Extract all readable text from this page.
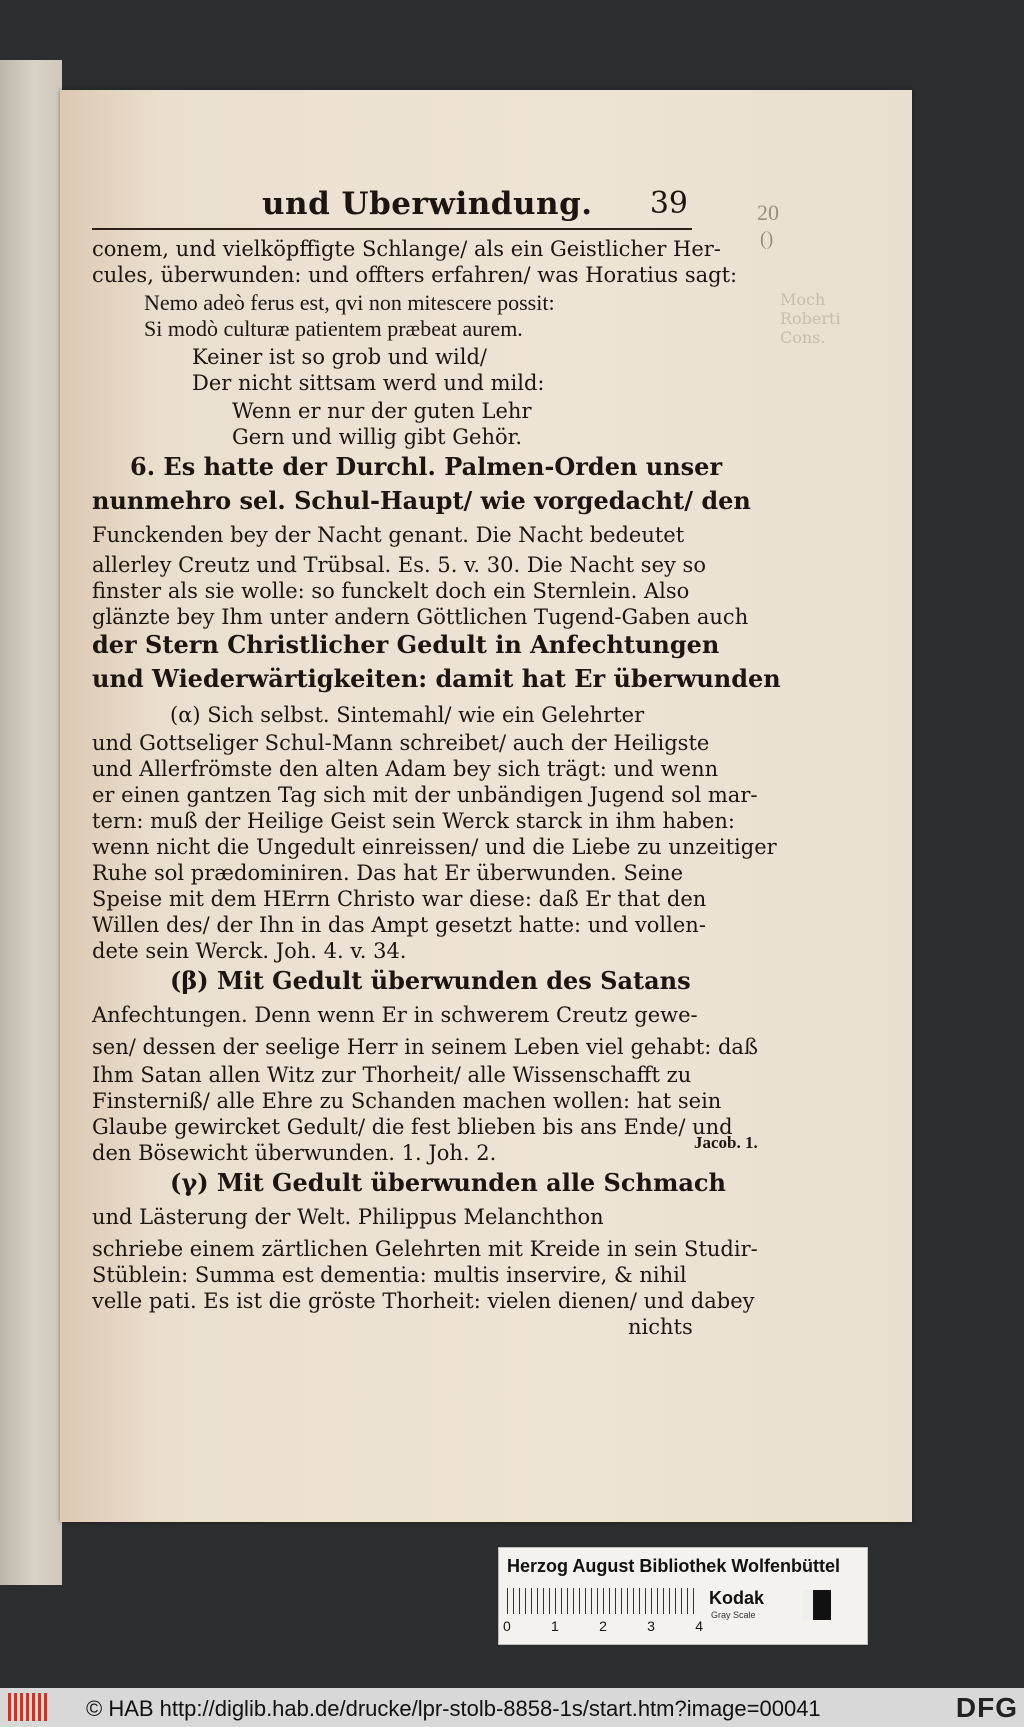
20
()
Moch
Roberti
Cons.
und Uberwindung. 39
conem, und vielköpffigte Schlange/ als ein Geistlicher Her-
cules, überwunden: und offters erfahren/ was Horatius sagt:
Nemo adeò ferus est, qvi non mitescere possit:
Si modò culturæ patientem præbeat aurem.
Keiner ist so grob und wild/
Der nicht sittsam werd und mild:
Wenn er nur der guten Lehr
Gern und willig gibt Gehör.
6. Es hatte der Durchl. Palmen-Orden unser
nunmehro sel. Schul-Haupt/ wie vorgedacht/ den
Funckenden bey der Nacht genant. Die Nacht bedeutet
allerley Creutz und Trübsal. Es. 5. v. 30. Die Nacht sey so
finster als sie wolle: so funckelt doch ein Sternlein. Also
glänzte bey Ihm unter andern Göttlichen Tugend-Gaben auch
der Stern Christlicher Gedult in Anfechtungen
und Wiederwärtigkeiten: damit hat Er überwunden
(α) Sich selbst. Sintemahl/ wie ein Gelehrter
und Gottseliger Schul-Mann schreibet/ auch der Heiligste
und Allerfrömste den alten Adam bey sich trägt: und wenn
er einen gantzen Tag sich mit der unbändigen Jugend sol mar-
tern: muß der Heilige Geist sein Werck starck in ihm haben:
wenn nicht die Ungedult einreissen/ und die Liebe zu unzeitiger
Ruhe sol prædominiren. Das hat Er überwunden. Seine
Speise mit dem HErrn Christo war diese: daß Er that den
Willen des/ der Ihn in das Ampt gesetzt hatte: und vollen-
dete sein Werck. Joh. 4. v. 34.
(β) Mit Gedult überwunden des Satans
Anfechtungen. Denn wenn Er in schwerem Creutz gewe-
sen/ dessen der seelige Herr in seinem Leben viel gehabt: daß
Ihm Satan allen Witz zur Thorheit/ alle Wissenschafft zu
Finsterniß/ alle Ehre zu Schanden machen wollen: hat sein
Glaube gewircket Gedult/ die fest blieben bis ans Ende/ und
den Bösewicht überwunden. 1. Joh. 2.
(γ) Mit Gedult überwunden alle Schmach
und Lästerung der Welt. Philippus Melanchthon
schriebe einem zärtlichen Gelehrten mit Kreide in sein Studir-
Stüblein: Summa est dementia: multis inservire, & nihil
velle pati. Es ist die gröste Thorheit: vielen dienen/ und dabey
nichts
Jacob. 1.
Herzog August Bibliothek Wolfenbüttel
0	1	2	3	4
Kodak
Gray Scale
© HAB http://diglib.hab.de/drucke/lpr-stolb-8858-1s/start.htm?image=00041	DFG
